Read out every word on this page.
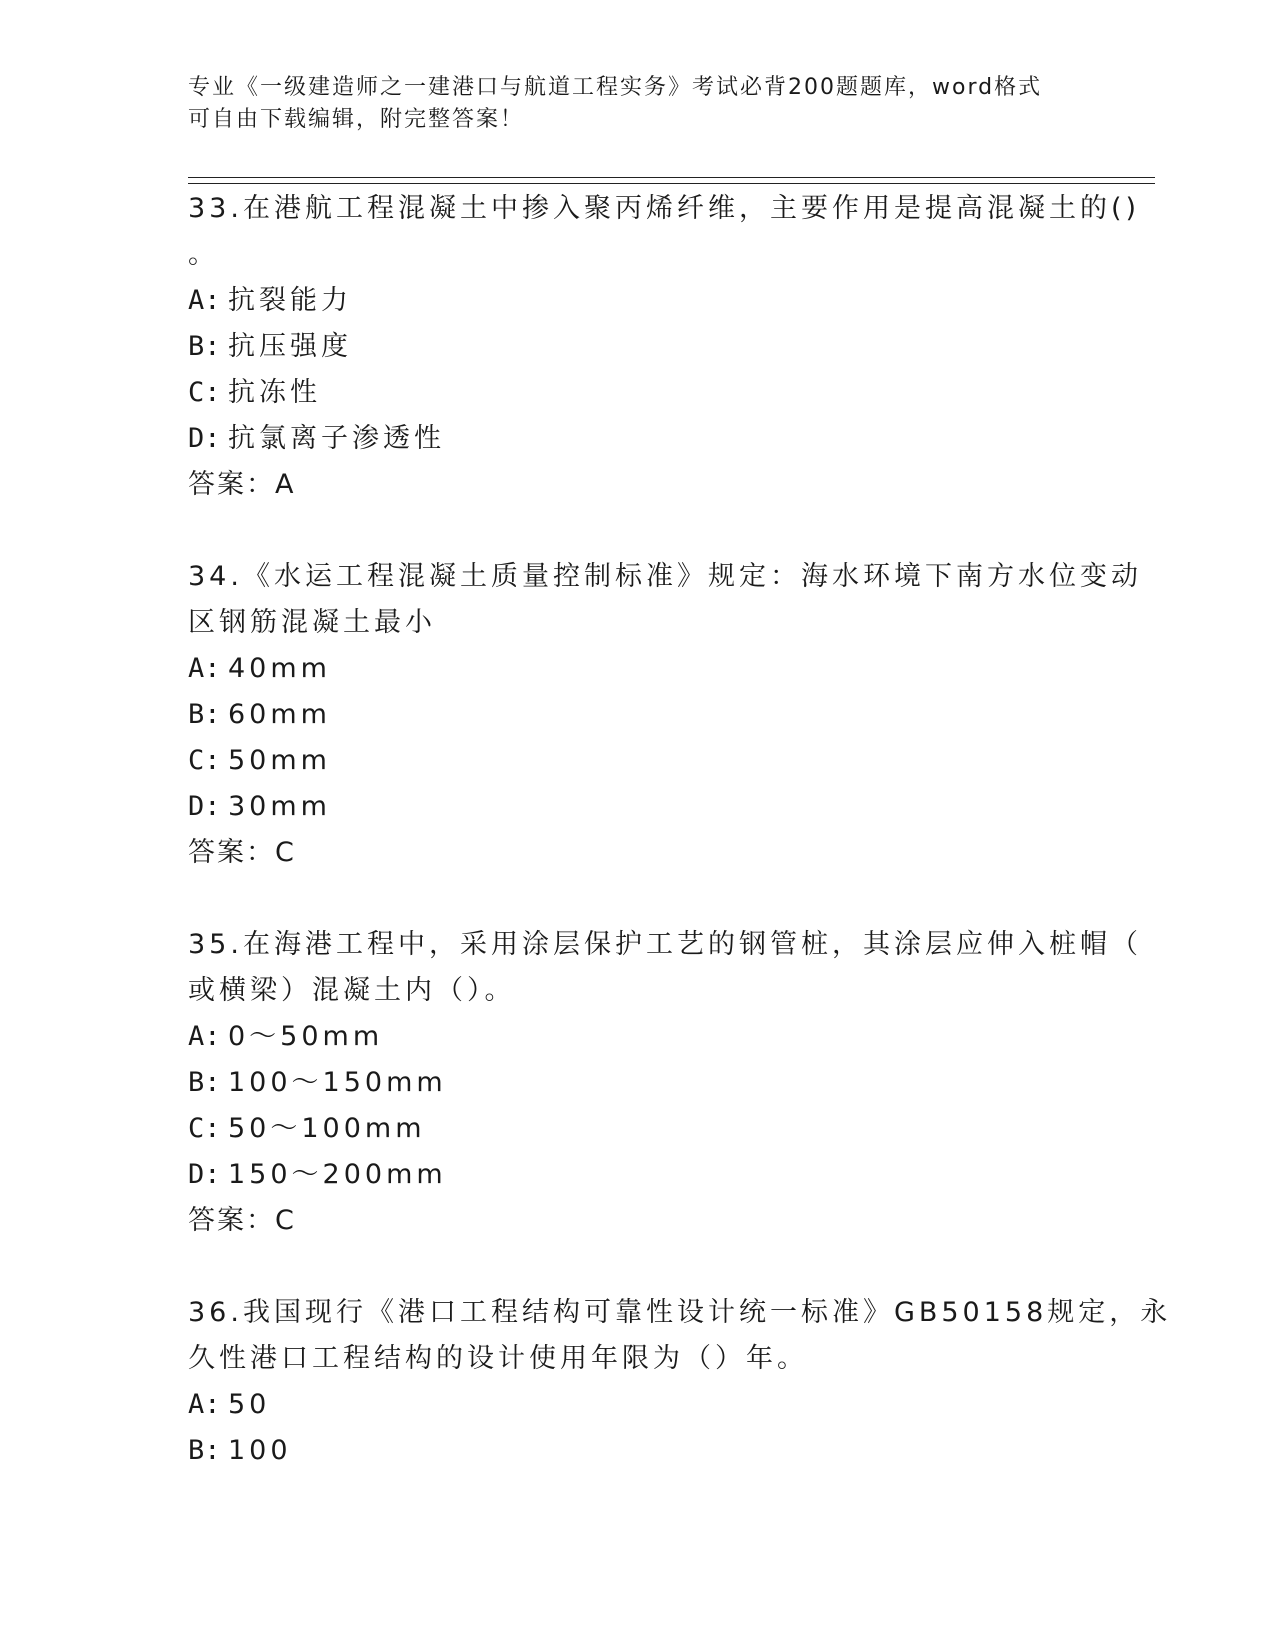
专业《一级建造师之一建港口与航道工程实务》考试必背200题题库，word格式
可自由下载编辑，附完整答案！
33.在港航工程混凝土中掺入聚丙烯纤维，主要作用是提高混凝土的()
。
A: 抗裂能力
B: 抗压强度
C: 抗冻性
D: 抗氯离子渗透性
答案：A
34.《水运工程混凝土质量控制标准》规定：海水环境下南方水位变动
区钢筋混凝土最小
A: 40mm
B: 60mm
C: 50mm
D: 30mm
答案：C
35.在海港工程中，采用涂层保护工艺的钢管桩，其涂层应伸入桩帽（
或横梁）混凝土内（）。
A: 0～50mm
B: 100～150mm
C: 50～100mm
D: 150～200mm
答案：C
36.我国现行《港口工程结构可靠性设计统一标准》GB50158规定，永
久性港口工程结构的设计使用年限为（）年。
A: 50
B: 100
